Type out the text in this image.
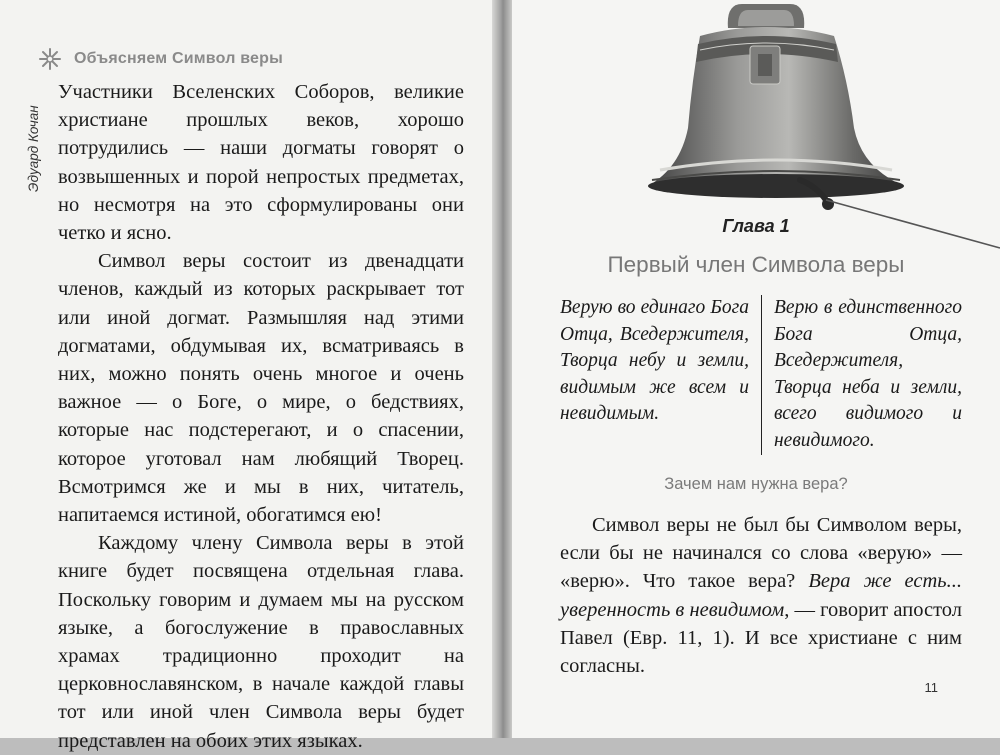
Объясняем Символ веры
Эдуард Кочан

Участники Вселенских Соборов, великие христиане прошлых веков, хорошо потрудились — наши догматы говорят о возвышенных и порой непростых предметах, но несмотря на это сформулированы они четко и ясно.

Символ веры состоит из двенадцати членов, каждый из которых раскрывает тот или иной догмат. Размышляя над этими догматами, обдумывая их, всматриваясь в них, можно понять очень многое и очень важное — о Боге, о мире, о бедствиях, которые нас подстерегают, и о спасении, которое уготовал нам любящий Творец. Всмотримся же и мы в них, читатель, напитаемся истиной, обогатимся ею!

Каждому члену Символа веры в этой книге будет посвящена отдельная глава. Поскольку говорим и думаем мы на русском языке, а богослужение в православных храмах традиционно проходит на церковнославянском, в начале каждой главы тот или иной член Символа веры будет представлен на обоих этих языках.

Глава 1
Первый член Символа веры
Верую во единаго Бога Отца, Вседержителя, Творца небу и земли, видимым же всем и невидимым.
Верю в единственного Бога Отца, Вседержителя, Творца неба и земли, всего видимого и невидимого.
Зачем нам нужна вера?

Символ веры не был бы Символом веры, если бы не начинался со слова «верую» — «верю». Что такое вера? Вера же есть... уверенность в невидимом, — говорит апостол Павел (Евр. 11, 1). И все христиане с ним согласны.

11
